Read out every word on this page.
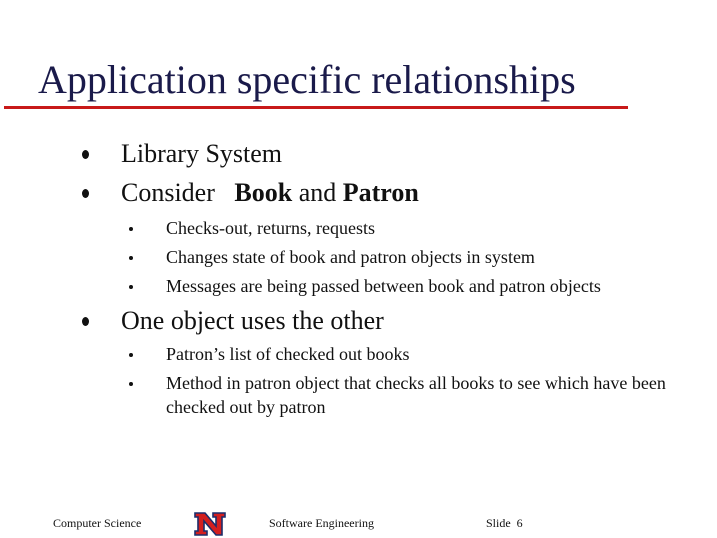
Application specific relationships
Library System
Consider   Book and Patron
Checks-out, returns, requests
Changes state of book and patron objects in system
Messages are being passed between book and patron objects
One object uses the other
Patron’s list of checked out books
Method in patron object that checks all books to see which have been checked out by patron
Computer Science	Software Engineering	Slide  6
